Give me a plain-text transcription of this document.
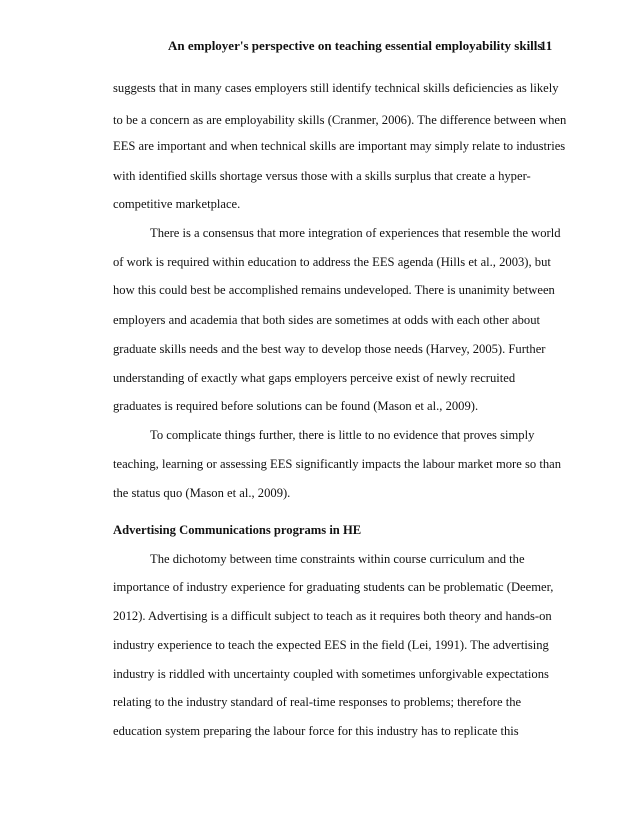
An employer's perspective on teaching essential employability skills
11
suggests that in many cases employers still identify technical skills deficiencies as likely
to be a concern as are employability skills (Cranmer, 2006). The difference between when
EES are important and when technical skills are important may simply relate to industries
with identified skills shortage versus those with a skills surplus that create a hyper-
competitive marketplace.
There is a consensus that more integration of experiences that resemble the world
of work is required within education to address the EES agenda (Hills et al., 2003), but
how this could best be accomplished remains undeveloped. There is unanimity between
employers and academia that both sides are sometimes at odds with each other about
graduate skills needs and the best way to develop those needs (Harvey, 2005). Further
understanding of exactly what gaps employers perceive exist of newly recruited
graduates is required before solutions can be found (Mason et al., 2009).
To complicate things further, there is little to no evidence that proves simply
teaching, learning or assessing EES significantly impacts the labour market more so than
the status quo (Mason et al., 2009).
Advertising Communications programs in HE
The dichotomy between time constraints within course curriculum and the
importance of industry experience for graduating students can be problematic (Deemer,
2012). Advertising is a difficult subject to teach as it requires both theory and hands-on
industry experience to teach the expected EES in the field (Lei, 1991). The advertising
industry is riddled with uncertainty coupled with sometimes unforgivable expectations
relating to the industry standard of real-time responses to problems; therefore the
education system preparing the labour force for this industry has to replicate this
